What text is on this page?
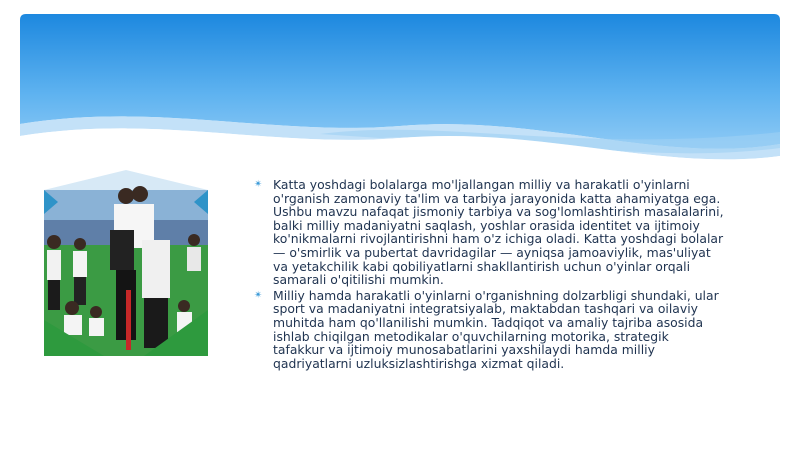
✴ Katta yoshdagi bolalarga mo'ljallangan milliy va harakatli o'yinlarni o'rganish zamonaviy ta'lim va tarbiya jarayonida katta ahamiyatga ega. Ushbu mavzu nafaqat jismoniy tarbiya va sog'lomlashtirish masalalarini, balki milliy madaniyatni saqlash, yoshlar orasida identitet va ijtimoiy ko'nikmalarni rivojlantirishni ham o'z ichiga oladi. Katta yoshdagi bolalar — o'smirlik va pubertat davridagilar — ayniqsa jamoaviylik, mas'uliyat va yetakchilik kabi qobiliyatlarni shakllantirish uchun o'yinlar orqali samarali o'qitilishi mumkin.
✴ Milliy hamda harakatli o'yinlarni o'rganishning dolzarbligi shundaki, ular sport va madaniyatni integratsiyalab, maktabdan tashqari va oilaviy muhitda ham qo'llanilishi mumkin. Tadqiqot va amaliy tajriba asosida ishlab chiqilgan metodikalar o'quvchilarning motorika, strategik tafakkur va ijtimoiy munosabatlarini yaxshilaydi hamda milliy qadriyatlarni uzluksizlashtirishga xizmat qiladi.
